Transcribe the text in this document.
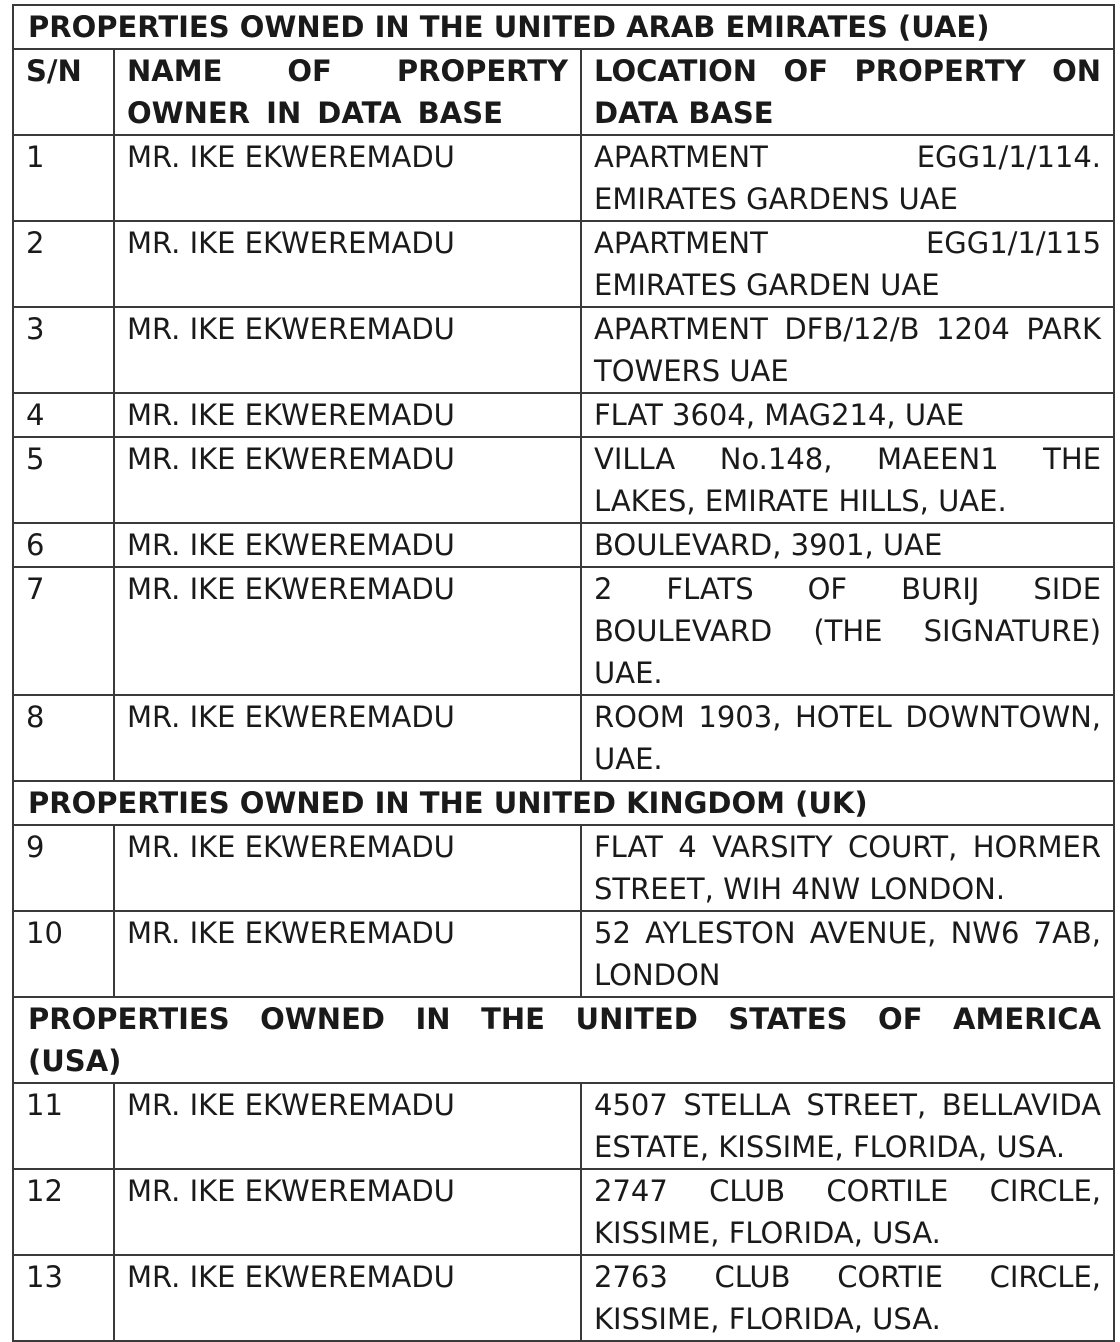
PROPERTIES OWNED IN THE UNITED ARAB EMIRATES (UAE)		
S/N	NAME OF PROPERTY OWNER IN DATA BASE	LOCATION OF PROPERTY ON DATA BASE
1	MR. IKE EKWEREMADU	APARTMENT EGG1/1/114. EMIRATES GARDENS UAE
2	MR. IKE EKWEREMADU	APARTMENT EGG1/1/115 EMIRATES GARDEN UAE
3	MR. IKE EKWEREMADU	APARTMENT DFB/12/B 1204 PARK TOWERS UAE
4	MR. IKE EKWEREMADU	FLAT 3604, MAG214, UAE
5	MR. IKE EKWEREMADU	VILLA No.148, MAEEN1 THE LAKES, EMIRATE HILLS, UAE.
6	MR. IKE EKWEREMADU	BOULEVARD, 3901, UAE
7	MR. IKE EKWEREMADU	2 FLATS OF BURIJ SIDE BOULEVARD (THE SIGNATURE) UAE.
8	MR. IKE EKWEREMADU	ROOM 1903, HOTEL DOWNTOWN, UAE.
PROPERTIES OWNED IN THE UNITED KINGDOM (UK)		
9	MR. IKE EKWEREMADU	FLAT 4 VARSITY COURT, HORMER STREET, WIH 4NW LONDON.
10	MR. IKE EKWEREMADU	52 AYLESTON AVENUE, NW6 7AB, LONDON
PROPERTIES OWNED IN THE UNITED STATES OF AMERICA (USA)		
11	MR. IKE EKWEREMADU	4507 STELLA STREET, BELLAVIDA ESTATE, KISSIME, FLORIDA, USA.
12	MR. IKE EKWEREMADU	2747 CLUB CORTILE CIRCLE, KISSIME, FLORIDA, USA.
13	MR. IKE EKWEREMADU	2763 CLUB CORTIE CIRCLE, KISSIME, FLORIDA, USA.
